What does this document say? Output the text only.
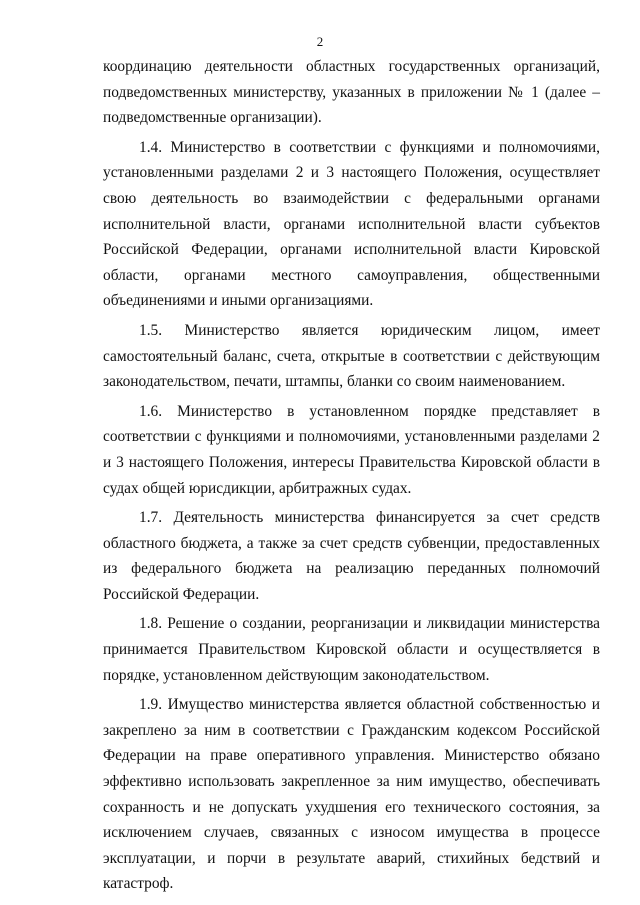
2

координацию деятельности областных государственных организаций, подведомственных министерству, указанных в приложении № 1 (далее – подведомственные организации).

1.4. Министерство в соответствии с функциями и полномочиями, установленными разделами 2 и 3 настоящего Положения, осуществляет свою деятельность во взаимодействии с федеральными органами исполнительной власти, органами исполнительной власти субъектов Российской Федерации, органами исполнительной власти Кировской области, органами местного самоуправления, общественными объединениями и иными организациями.

1.5. Министерство является юридическим лицом, имеет самостоятельный баланс, счета, открытые в соответствии с действующим законодательством, печати, штампы, бланки со своим наименованием.

1.6. Министерство в установленном порядке представляет в соответствии с функциями и полномочиями, установленными разделами 2 и 3 настоящего Положения, интересы Правительства Кировской области в судах общей юрисдикции, арбитражных судах.

1.7. Деятельность министерства финансируется за счет средств областного бюджета, а также за счет средств субвенции, предоставленных из федерального бюджета на реализацию переданных полномочий Российской Федерации.

1.8. Решение о создании, реорганизации и ликвидации министерства принимается Правительством Кировской области и осуществляется в порядке, установленном действующим законодательством.

1.9. Имущество министерства является областной собственностью и закреплено за ним в соответствии с Гражданским кодексом Российской Федерации на праве оперативного управления. Министерство обязано эффективно использовать закрепленное за ним имущество, обеспечивать сохранность и не допускать ухудшения его технического состояния, за исключением случаев, связанных с износом имущества в процессе эксплуатации, и порчи в результате аварий, стихийных бедствий и катастроф.
